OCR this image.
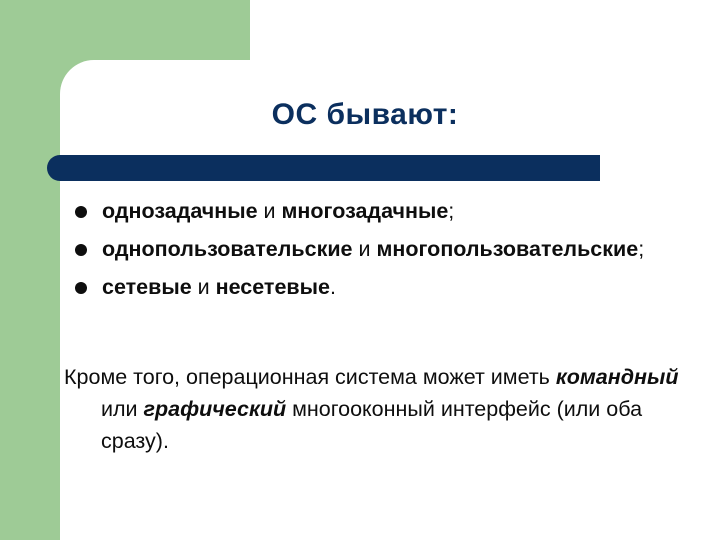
ОС бывают:
однозадачные и многозадачные;
однопользовательские и многопользовательские;
сетевые и несетевые.

Кроме того, операционная система может иметь командный или графический многооконный интерфейс (или оба сразу).
